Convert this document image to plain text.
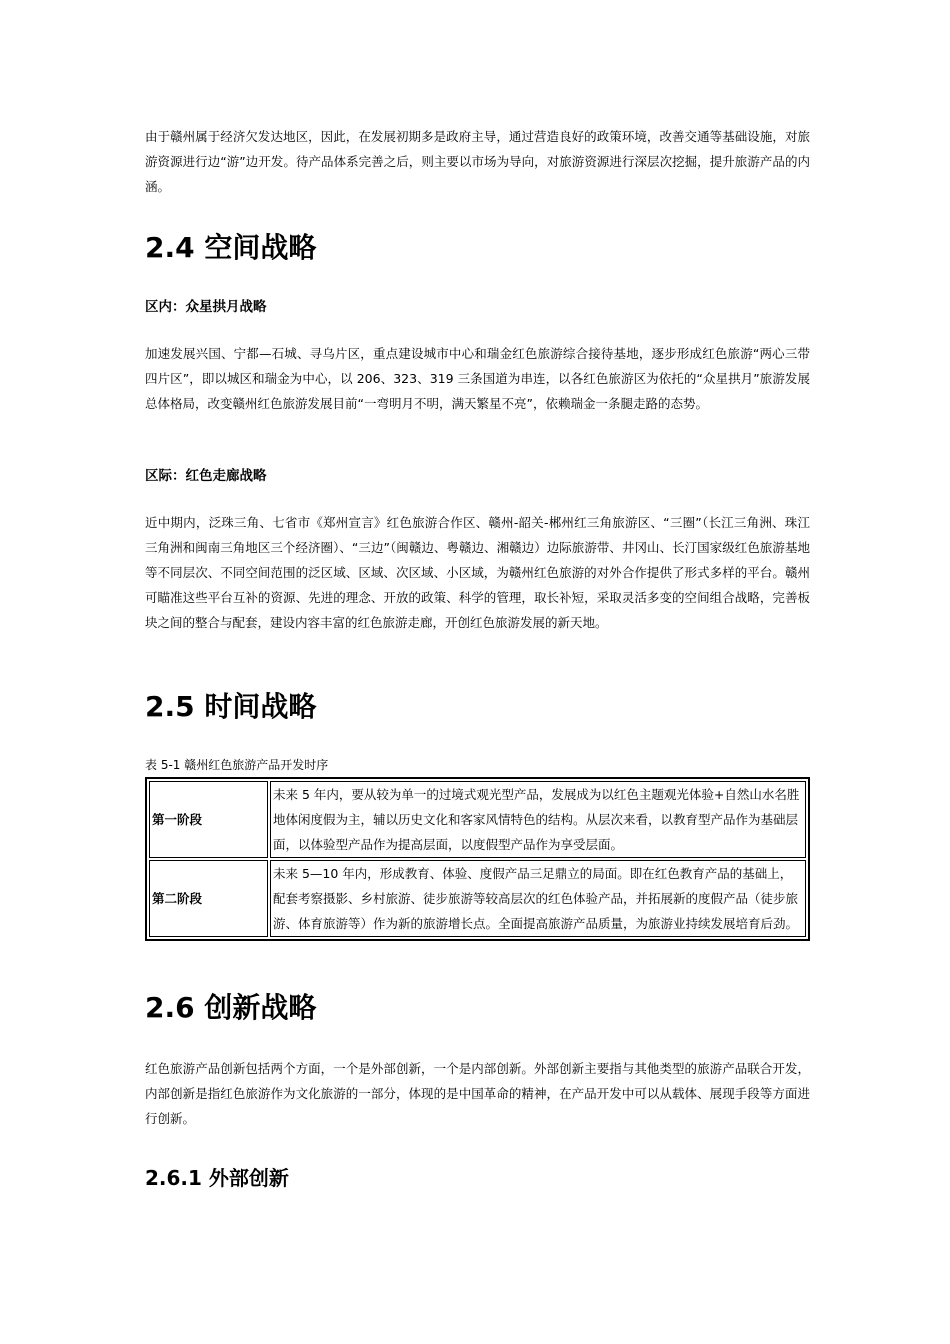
由于赣州属于经济欠发达地区，因此，在发展初期多是政府主导，通过营造良好的政策环境，改善交通等基础设施，对旅游资源进行边“游”边开发。待产品体系完善之后，则主要以市场为导向，对旅游资源进行深层次挖掘，提升旅游产品的内涵。

2.4 空间战略
区内：众星拱月战略

加速发展兴国、宁都—石城、寻乌片区，重点建设城市中心和瑞金红色旅游综合接待基地，逐步形成红色旅游“两心三带四片区”，即以城区和瑞金为中心，以 206、323、319 三条国道为串连，以各红色旅游区为依托的“众星拱月”旅游发展总体格局，改变赣州红色旅游发展目前“一弯明月不明，满天繁星不亮”，依赖瑞金一条腿走路的态势。

区际：红色走廊战略

近中期内，泛珠三角、七省市《郑州宣言》红色旅游合作区、赣州-韶关-郴州红三角旅游区、“三圈”（长江三角洲、珠江三角洲和闽南三角地区三个经济圈）、“三边”（闽赣边、粤赣边、湘赣边）边际旅游带、井冈山、长汀国家级红色旅游基地等不同层次、不同空间范围的泛区域、区域、次区域、小区域，为赣州红色旅游的对外合作提供了形式多样的平台。赣州可瞄准这些平台互补的资源、先进的理念、开放的政策、科学的管理，取长补短，采取灵活多变的空间组合战略，完善板块之间的整合与配套，建设内容丰富的红色旅游走廊，开创红色旅游发展的新天地。

2.5 时间战略

表 5-1 赣州红色旅游产品开发时序

第一阶段	未来 5 年内，要从较为单一的过境式观光型产品，发展成为以红色主题观光体验+自然山水名胜地体闲度假为主，辅以历史文化和客家风情特色的结构。从层次来看，以教育型产品作为基础层面，以体验型产品作为提高层面，以度假型产品作为享受层面。
第二阶段	未来 5—10 年内，形成教育、体验、度假产品三足鼎立的局面。即在红色教育产品的基础上，配套考察摄影、乡村旅游、徒步旅游等较高层次的红色体验产品，并拓展新的度假产品（徒步旅游、体育旅游等）作为新的旅游增长点。全面提高旅游产品质量，为旅游业持续发展培育后劲。
2.6 创新战略

红色旅游产品创新包括两个方面，一个是外部创新，一个是内部创新。外部创新主要指与其他类型的旅游产品联合开发，内部创新是指红色旅游作为文化旅游的一部分，体现的是中国革命的精神，在产品开发中可以从载体、展现手段等方面进行创新。

2.6.1 外部创新
